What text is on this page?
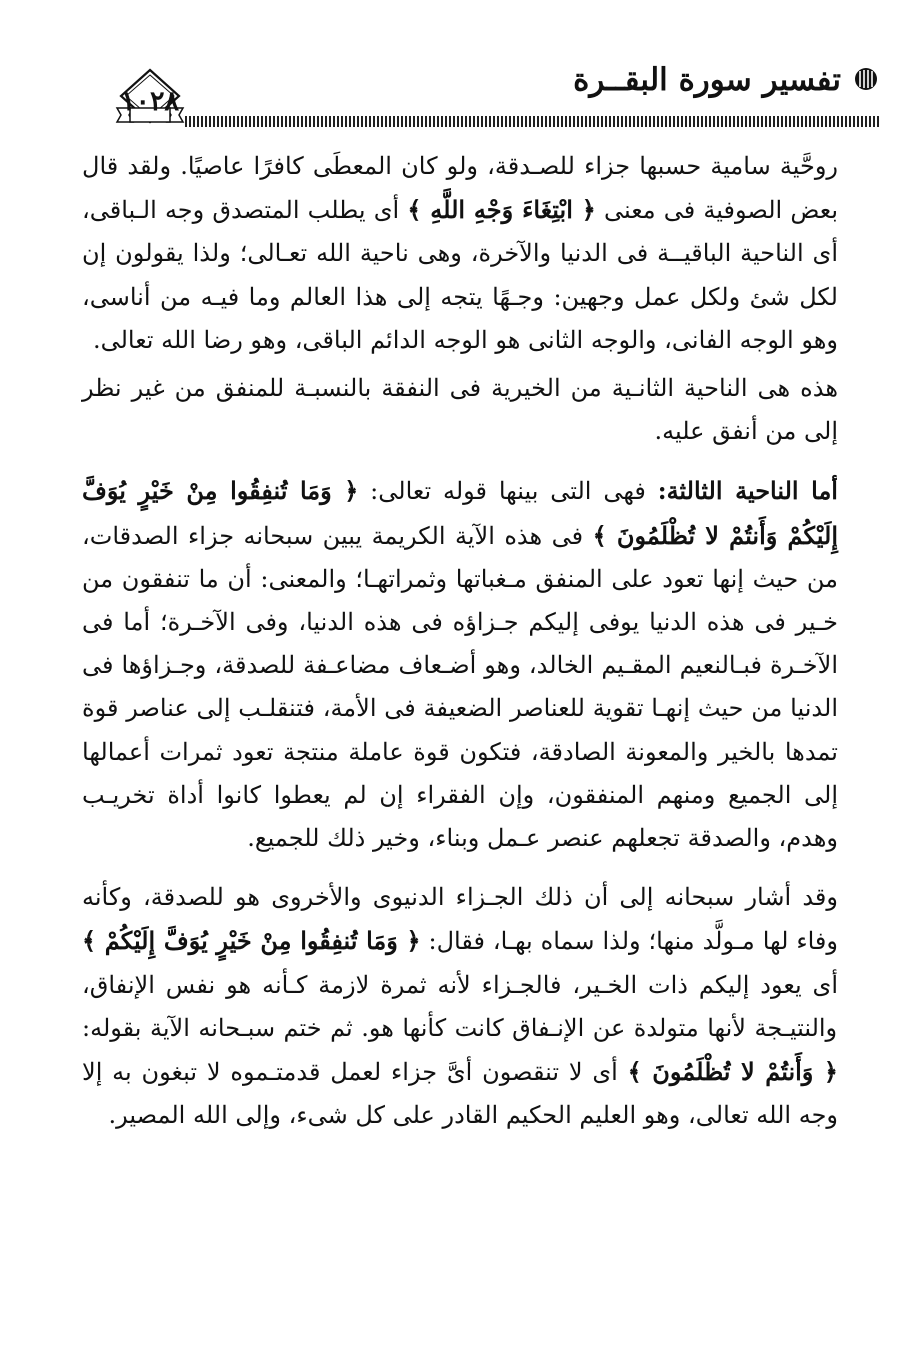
تفسير سورة البقــرة
١٠٢٨

روحَّية سامية حسبها جزاء للصـدقة، ولو كان المعطَى كافرًا عاصيًا. ولقد قال بعض الصوفية فى معنى ﴿ ابْتِغَاءَ وَجْهِ اللَّهِ ﴾ أى يطلب المتصدق وجه الـباقى، أى الناحية الباقيــة فى الدنيا والآخرة، وهى ناحية الله تعـالى؛ ولذا يقولون إن لكل شئ ولكل عمل وجهين: وجـهًا يتجه إلى هذا العالم وما فيـه من أناسى، وهو الوجه الفانى، والوجه الثانى هو الوجه الدائم الباقى، وهو رضا الله تعالى.

هذه هى الناحية الثانـية من الخيرية فى النفقة بالنسبـة للمنفق من غير نظر إلى من أنفق عليه.

أما الناحية الثالثة: فهى التى بينها قوله تعالى: ﴿ وَمَا تُنفِقُوا مِنْ خَيْرٍ يُوَفَّ إِلَيْكُمْ وَأَنتُمْ لا تُظْلَمُونَ ﴾ فى هذه الآية الكريمة يبين سبحانه جزاء الصدقات، من حيث إنها تعود على المنفق مـغباتها وثمراتهـا؛ والمعنى: أن ما تنفقون من خـير فى هذه الدنيا يوفى إليكم جـزاؤه فى هذه الدنيا، وفى الآخـرة؛ أما فى الآخـرة فبـالنعيم المقـيم الخالد، وهو أضـعاف مضاعـفة للصدقة، وجـزاؤها فى الدنيا من حيث إنهـا تقوية للعناصر الضعيفة فى الأمة، فتنقلـب إلى عناصر قوة تمدها بالخير والمعونة الصادقة، فتكون قوة عاملة منتجة تعود ثمرات أعمالها إلى الجميع ومنهم المنفقون، وإن الفقراء إن لم يعطوا كانوا أداة تخريـب وهدم، والصدقة تجعلهم عنصر عـمل وبناء، وخير ذلك للجميع.

وقد أشار سبحانه إلى أن ذلك الجـزاء الدنيوى والأخروى هو للصدقة، وكأنه وفاء لها مـولَّد منها؛ ولذا سماه بهـا، فقال: ﴿ وَمَا تُنفِقُوا مِنْ خَيْرٍ يُوَفَّ إِلَيْكُمْ ﴾ أى يعود إليكم ذات الخـير، فالجـزاء لأنه ثمرة لازمة كـأنه هو نفس الإنفاق، والنتيـجة لأنها متولدة عن الإنـفاق كانت كأنها هو. ثم ختم سبـحانه الآية بقوله: ﴿ وَأَنتُمْ لا تُظْلَمُونَ ﴾ أى لا تنقصون أىَّ جزاء لعمل قدمتـموه لا تبغون به إلا وجه الله تعالى، وهو العليم الحكيم القادر على كل شىء، وإلى الله المصير.
